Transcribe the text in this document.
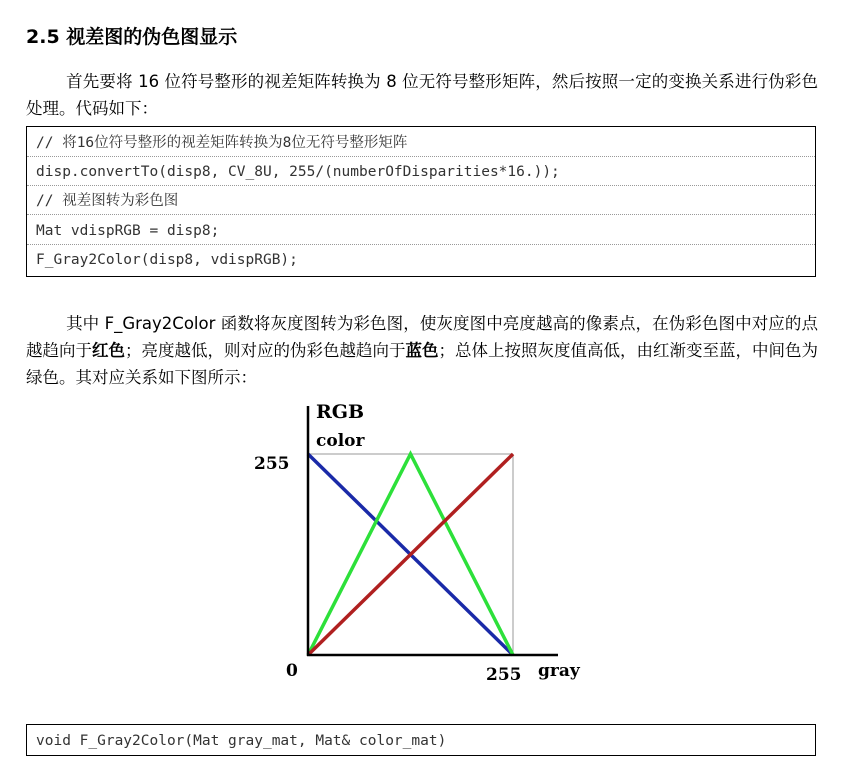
2.5 视差图的伪色图显示

首先要将 16 位符号整形的视差矩阵转换为 8 位无符号整形矩阵，然后按照一定的变换关系进行伪彩色处理。代码如下：

// 将16位符号整形的视差矩阵转换为8位无符号整形矩阵
disp.convertTo(disp8, CV_8U, 255/(numberOfDisparities*16.));
// 视差图转为彩色图
Mat vdispRGB = disp8;
F_Gray2Color(disp8, vdispRGB);

其中 F_Gray2Color 函数将灰度图转为彩色图，使灰度图中亮度越高的像素点，在伪彩色图中对应的点越趋向于红色；亮度越低，则对应的伪彩色越趋向于蓝色；总体上按照灰度值高低，由红渐变至蓝，中间色为绿色。其对应关系如下图所示：

RGB
color
255
0	255 gray
void F_Gray2Color(Mat gray_mat, Mat& color_mat)
